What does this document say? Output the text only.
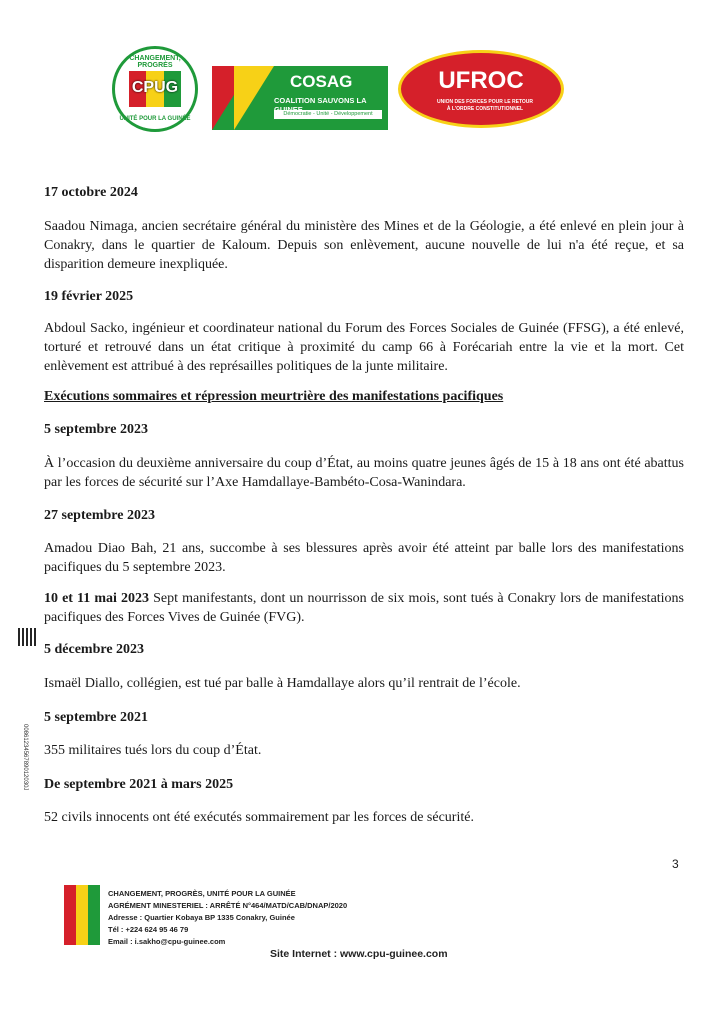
CHANGEMENT, PROGRÈS
CPUG
UNITÉ POUR LA GUINÉE
COSAG
COALITION SAUVONS LA
Démocratie - Unité - Développement
UFROC
UNION DES FORCES POUR LE RETOUR À L'ORDRE CONSTITUTIONNEL

17 octobre 2024

Saadou Nimaga, ancien secrétaire général du ministère des Mines et de la Géologie, a été enlevé en plein jour à Conakry, dans le quartier de Kaloum. Depuis son enlèvement, aucune nouvelle de lui n'a été reçue, et sa disparition demeure inexpliquée.

19 février 2025

Abdoul Sacko, ingénieur et coordinateur national du Forum des Forces Sociales de Guinée (FFSG), a été enlevé, torturé et retrouvé dans un état critique à proximité du camp 66 à Forécariah entre la vie et la mort. Cet enlèvement est attribué à des représailles politiques de la junte militaire.

Exécutions sommaires et répression meurtrière des manifestations pacifiques

5 septembre 2023

À l’occasion du deuxième anniversaire du coup d’État, au moins quatre jeunes âgés de 15 à 18 ans ont été abattus par les forces de sécurité sur l’Axe Hamdallaye-Bambéto-Cosa-Wanindara.

27 septembre 2023

Amadou Diao Bah, 21 ans, succombe à ses blessures après avoir été atteint par balle lors des manifestations pacifiques du 5 septembre 2023.

10 et 11 mai 2023 Sept manifestants, dont un nourrisson de six mois, sont tués à Conakry lors de manifestations pacifiques des Forces Vives de Guinée (FVG).

5 décembre 2023

Ismaël Diallo, collégien, est tué par balle à Hamdallaye alors qu’il rentrait de l’école.

5 septembre 2021

355 militaires tués lors du coup d’État.

De septembre 2021 à mars 2025

52 civils innocents ont été exécutés sommairement par les forces de sécurité.

0086123456789012030J
3
CHANGEMENT, PROGRÈS, UNITÉ POUR LA GUINÉE
AGRÉMENT MINESTERIEL : ARRÊTÉ N°464/MATD/CAB/DNAP/2020
Adresse : Quartier Kobaya BP 1335 Conakry, Guinée
Tél : +224 624 95 46 79
Email : i.sakho@cpu-guinee.com
Site Internet : www.cpu-guinee.com
